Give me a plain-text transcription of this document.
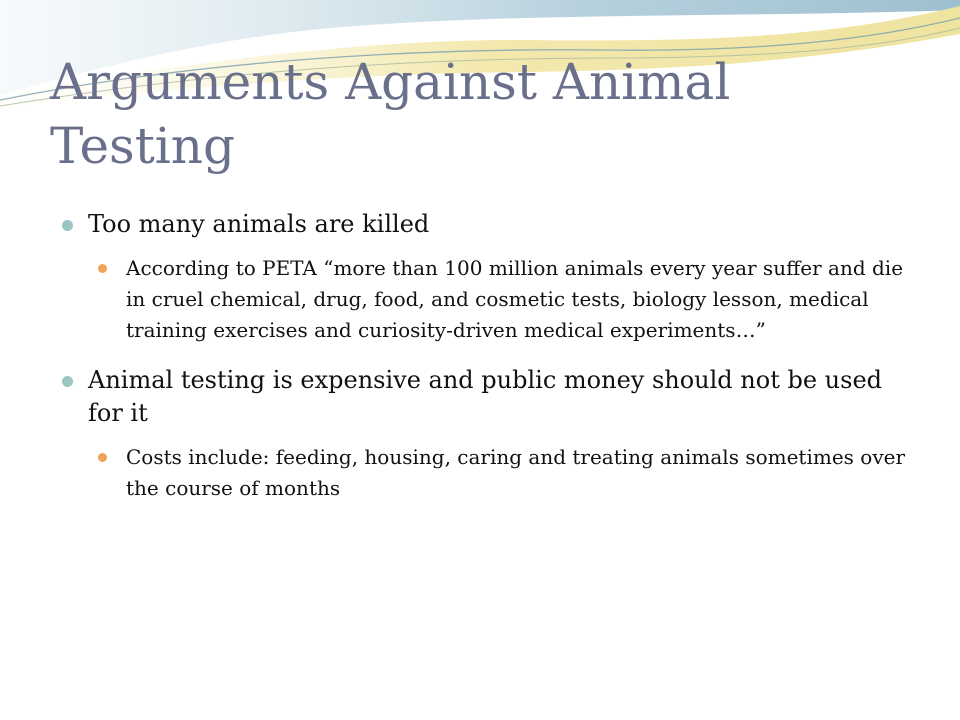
Arguments Against Animal Testing
Too many animals are killed
According to PETA “more than 100 million animals every year suffer and die in cruel chemical, drug, food, and cosmetic tests, biology lesson, medical training exercises and curiosity-driven medical experiments…”
Animal testing is expensive and public money should not be used for it
Costs include: feeding, housing, caring and treating animals sometimes over the course of months
